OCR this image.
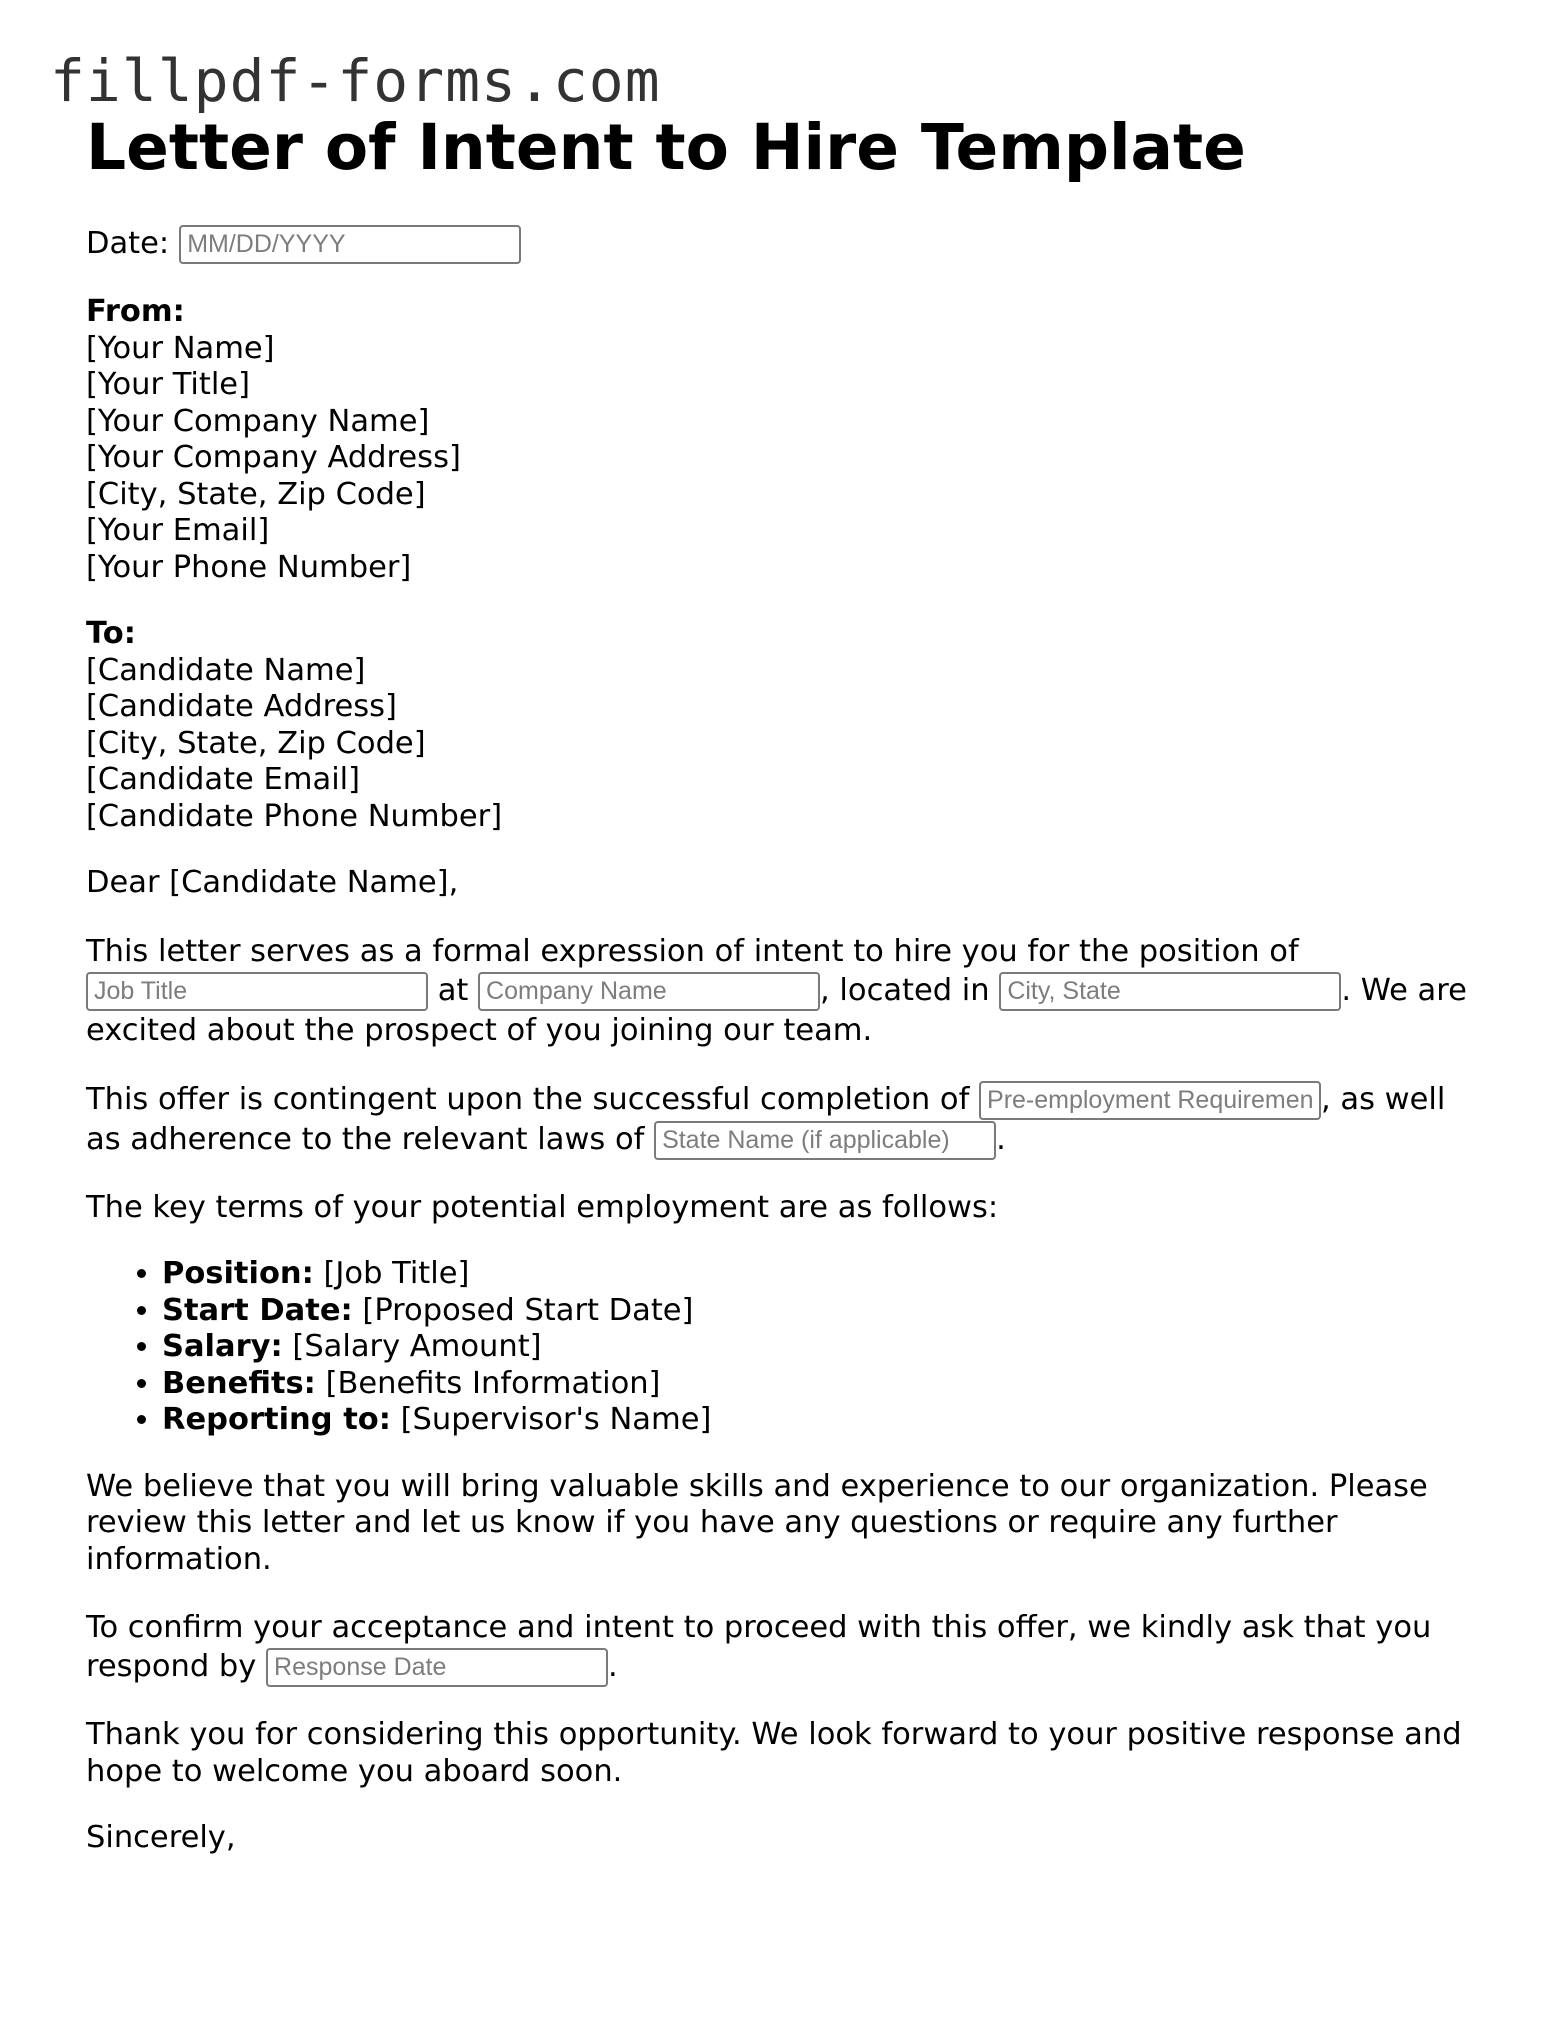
fillpdf-forms.com
Letter of Intent to Hire Template
Date:
MM/DD/YYYY
From:
[Your Name]
[Your Title]
[Your Company Name]
[Your Company Address]
[City, State, Zip Code]
[Your Email]
[Your Phone Number]
To:
[Candidate Name]
[Candidate Address]
[City, State, Zip Code]
[Candidate Email]
[Candidate Phone Number]

Dear [Candidate Name],

This letter serves as a formal expression of intent to hire you for the position of
Job Title at Company Name	, located in City, State	. We are excited about the prospect of you joining our team.

This offer is contingent upon the successful completion of Pre-employment Requirements	, as well as adherence to the relevant laws of State Name (if applicable)	.

The key terms of your potential employment are as follows:

• Position: [Job Title]
• Start Date: [Proposed Start Date]
• Salary: [Salary Amount]
• Benefits: [Benefits Information]
• Reporting to: [Supervisor's Name]

We believe that you will bring valuable skills and experience to our organization. Please review this letter and let us know if you have any questions or require any further information.

To confirm your acceptance and intent to proceed with this offer, we kindly ask that you respond by Response Date	.

Thank you for considering this opportunity. We look forward to your positive response and hope to welcome you aboard soon.

Sincerely,
